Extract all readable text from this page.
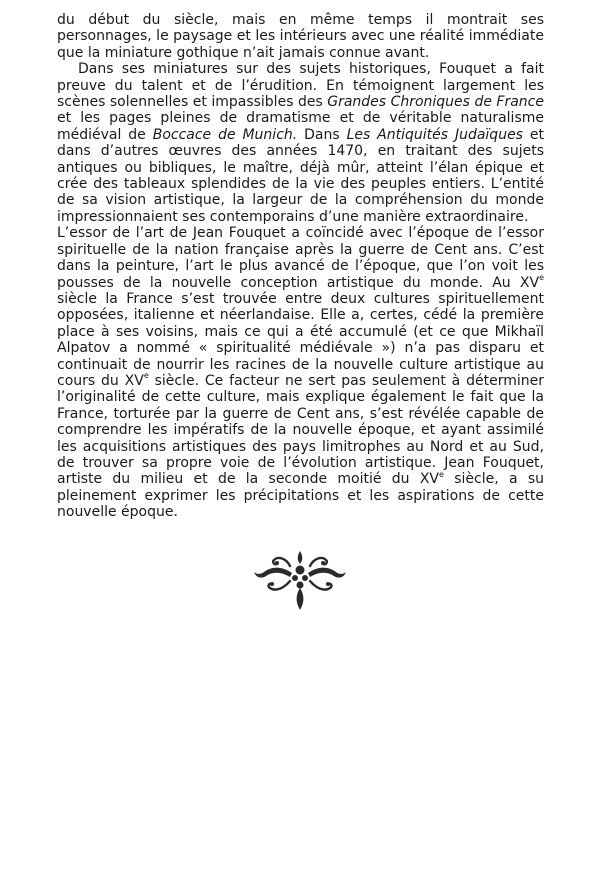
du début du siècle, mais en même temps il montrait ses personnages, le paysage et les intérieurs avec une réalité immédiate que la miniature gothique n’ait jamais connue avant.

Dans ses miniatures sur des sujets historiques, Fouquet a fait preuve du talent et de l’érudition. En témoignent largement les scènes solennelles et impassibles des Grandes Chroniques de France et les pages pleines de dramatisme et de véritable naturalisme médiéval de Boccace de Munich. Dans Les Antiquités Judaïques et dans d’autres œuvres des années 1470, en traitant des sujets antiques ou bibliques, le maître, déjà mûr, atteint l’élan épique et crée des tableaux splendides de la vie des peuples entiers. L’entité de sa vision artistique, la largeur de la compréhension du monde impressionnaient ses contemporains d’une manière extraordinaire.

L’essor de l’art de Jean Fouquet a coïncidé avec l’époque de l’essor spirituelle de la nation française après la guerre de Cent ans. C’est dans la peinture, l’art le plus avancé de l’époque, que l’on voit les pousses de la nouvelle conception artistique du monde. Au XVe siècle la France s’est trouvée entre deux cultures spirituellement opposées, italienne et néerlandaise. Elle a, certes, cédé la première place à ses voisins, mais ce qui a été accumulé (et ce que Mikhaïl Alpatov a nommé « spiritualité médiévale ») n’a pas disparu et continuait de nourrir les racines de la nouvelle culture artistique au cours du XVe siècle. Ce facteur ne sert pas seulement à déterminer l’originalité de cette culture, mais explique également le fait que la France, torturée par la guerre de Cent ans, s’est révélée capable de comprendre les impératifs de la nouvelle époque, et ayant assimilé les acquisitions artistiques des pays limitrophes au Nord et au Sud, de trouver sa propre voie de l’évolution artistique. Jean Fouquet, artiste du milieu et de la seconde moitié du XVe siècle, a su pleinement exprimer les précipitations et les aspirations de cette nouvelle époque.
